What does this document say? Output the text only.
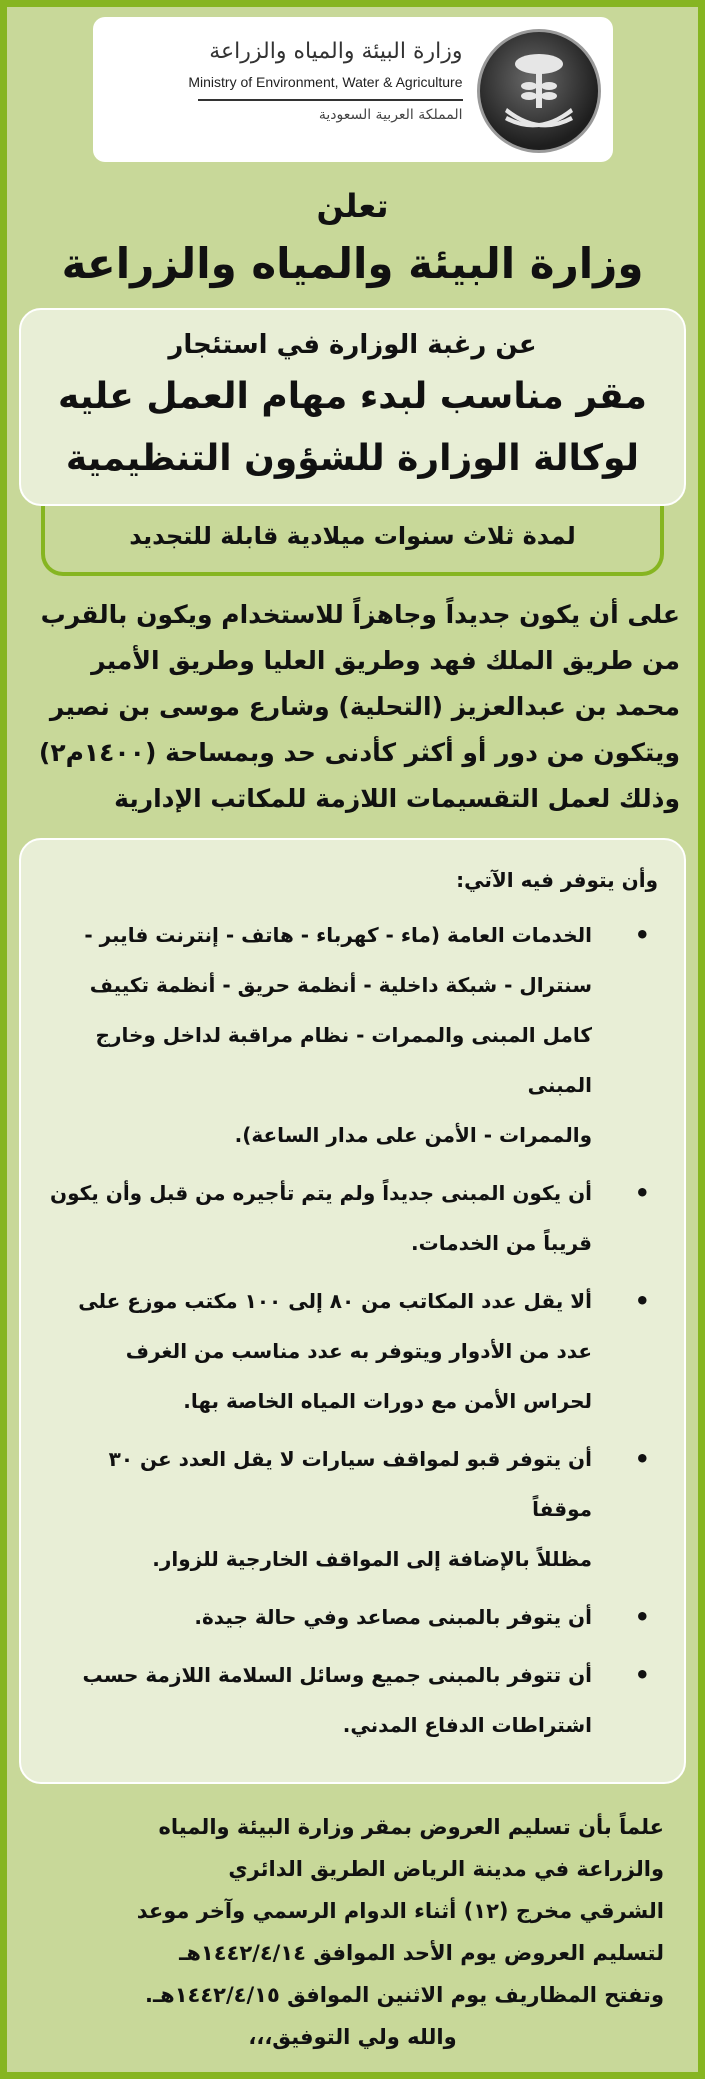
وزارة البيئة والمياه والزراعة
Ministry of Environment, Water & Agriculture
المملكة العربية السعودية
تعلن
وزارة البيئة والمياه والزراعة
عن رغبة الوزارة في استئجار
مقر مناسب لبدء مهام العمل عليه
لوكالة الوزارة للشؤون التنظيمية
لمدة ثلاث سنوات ميلادية قابلة للتجديد
على أن يكون جديداً وجاهزاً للاستخدام ويكون بالقرب
من طريق الملك فهد وطريق العليا وطريق الأمير
محمد بن عبدالعزيز (التحلية) وشارع موسى بن نصير
ويتكون من دور أو أكثر كأدنى حد وبمساحة (١٤٠٠م٢)
وذلك لعمل التقسيمات اللازمة للمكاتب الإدارية
وأن يتوفر فيه الآتي:
•
الخدمات العامة (ماء - كهرباء - هاتف - إنترنت فايبر -
سنترال - شبكة داخلية - أنظمة حريق - أنظمة تكييف
كامل المبنى والممرات - نظام مراقبة لداخل وخارج المبنى
والممرات - الأمن على مدار الساعة).
•
أن يكون المبنى جديداً ولم يتم تأجيره من قبل وأن يكون
قريباً من الخدمات.
•
ألا يقل عدد المكاتب من ٨٠ إلى ١٠٠ مكتب موزع على
عدد من الأدوار ويتوفر به عدد مناسب من الغرف
لحراس الأمن مع دورات المياه الخاصة بها.
•
أن يتوفر قبو لمواقف سيارات لا يقل العدد عن ٣٠ موقفاً
مظللاً بالإضافة إلى المواقف الخارجية للزوار.
•
أن يتوفر بالمبنى مصاعد وفي حالة جيدة.
•
أن تتوفر بالمبنى جميع وسائل السلامة اللازمة حسب
اشتراطات الدفاع المدني.
علماً بأن تسليم العروض بمقر وزارة البيئة والمياه
والزراعة في مدينة الرياض الطريق الدائري
الشرقي مخرج (١٢) أثناء الدوام الرسمي وآخر موعد
لتسليم العروض يوم الأحد الموافق ١٤٤٢/٤/١٤هـ
وتفتح المظاريف يوم الاثنين الموافق ١٤٤٢/٤/١٥هـ.
والله ولي التوفيق،،،
